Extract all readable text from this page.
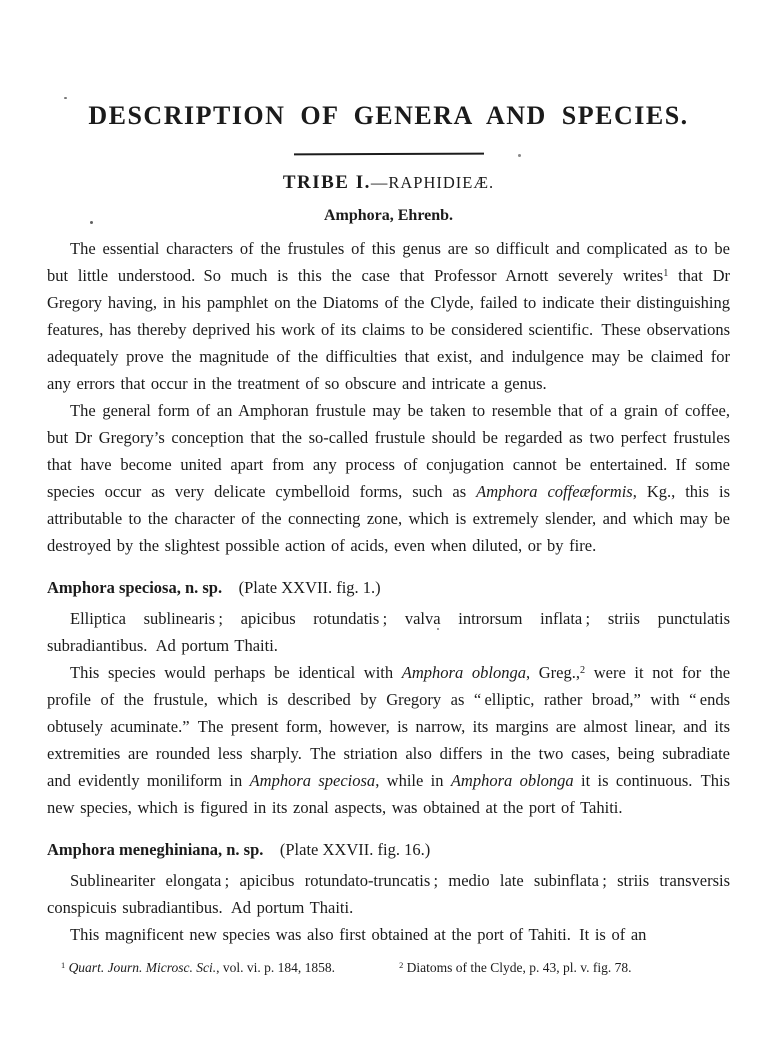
DESCRIPTION OF GENERA AND SPECIES.
TRIBE I.—RAPHIDIEÆ.
Amphora, Ehrenb.

The essential characters of the frustules of this genus are so difficult and complicated as to be but little understood. So much is this the case that Professor Arnott severely writes$^1$ that Dr Gregory having, in his pamphlet on the Diatoms of the Clyde, failed to indicate their distinguishing features, has thereby deprived his work of its claims to be considered scientific. These observations adequately prove the magnitude of the difficulties that exist, and indulgence may be claimed for any errors that occur in the treatment of so obscure and intricate a genus.

The general form of an Amphoran frustule may be taken to resemble that of a grain of coffee, but Dr Gregory’s conception that the so-called frustule should be regarded as two perfect frustules that have become united apart from any process of conjugation cannot be entertained. If some species occur as very delicate cymbelloid forms, such as Amphora coffeæformis, Kg., this is attributable to the character of the connecting zone, which is extremely slender, and which may be destroyed by the slightest possible action of acids, even when diluted, or by fire.

Amphora speciosa, n. sp. (Plate XXVII. fig. 1.)

Elliptica sublinearis ; apicibus rotundatis ; valva introrsum inflata ; striis punctulatis subradiantibus. Ad portum Thaiti.

This species would perhaps be identical with Amphora oblonga, Greg.,$^2$ were it not for the profile of the frustule, which is described by Gregory as “ elliptic, rather broad,” with “ ends obtusely acuminate.” The present form, however, is narrow, its margins are almost linear, and its extremities are rounded less sharply. The striation also differs in the two cases, being subradiate and evidently moniliform in Amphora speciosa, while in Amphora oblonga it is continuous. This new species, which is figured in its zonal aspects, was obtained at the port of Tahiti.

Amphora meneghiniana, n. sp. (Plate XXVII. fig. 16.)

Sublineariter elongata ; apicibus rotundato-truncatis ; medio late subinflata ; striis transversis conspicuis subradiantibus. Ad portum Thaiti.

This magnificent new species was also first obtained at the port of Tahiti. It is of an

$^1$ Quart. Journ. Microsc. Sci., vol. vi. p. 184, 1858.	$^2$ Diatoms of the Clyde, p. 43, pl. v. fig. 78.
